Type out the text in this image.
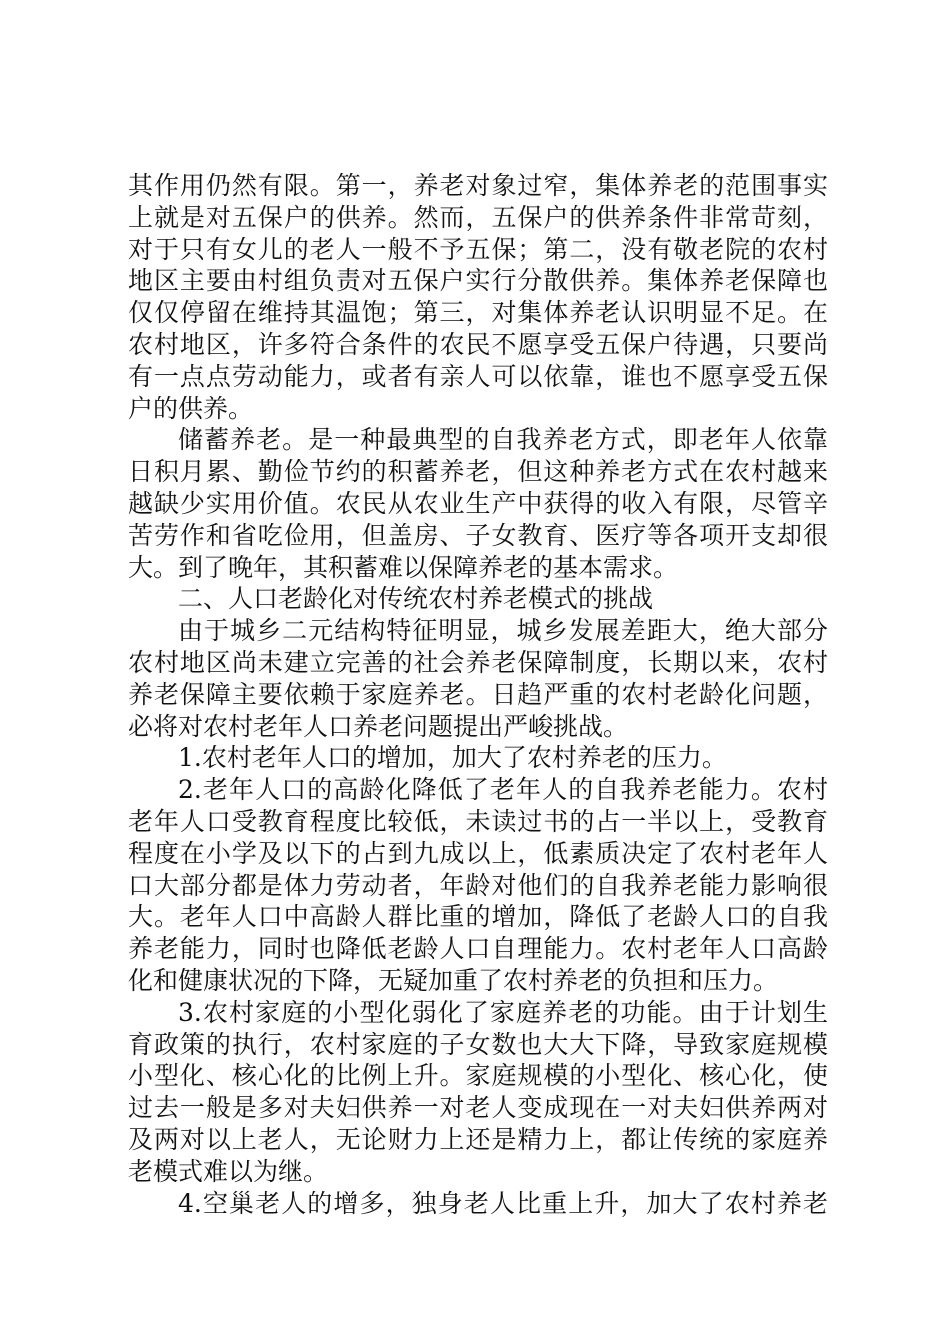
其作用仍然有限。第一，养老对象过窄，集体养老的范围事实
上就是对五保户的供养。然而，五保户的供养条件非常苛刻，
对于只有女儿的老人一般不予五保；第二，没有敬老院的农村
地区主要由村组负责对五保户实行分散供养。集体养老保障也
仅仅停留在维持其温饱；第三，对集体养老认识明显不足。在
农村地区，许多符合条件的农民不愿享受五保户待遇，只要尚
有一点点劳动能力，或者有亲人可以依靠，谁也不愿享受五保
户的供养。
储蓄养老。是一种最典型的自我养老方式，即老年人依靠
日积月累、勤俭节约的积蓄养老，但这种养老方式在农村越来
越缺少实用价值。农民从农业生产中获得的收入有限，尽管辛
苦劳作和省吃俭用，但盖房、子女教育、医疗等各项开支却很
大。到了晚年，其积蓄难以保障养老的基本需求。
二、人口老龄化对传统农村养老模式的挑战
由于城乡二元结构特征明显，城乡发展差距大，绝大部分
农村地区尚未建立完善的社会养老保障制度，长期以来，农村
养老保障主要依赖于家庭养老。日趋严重的农村老龄化问题，
必将对农村老年人口养老问题提出严峻挑战。
1.农村老年人口的增加，加大了农村养老的压力。
2.老年人口的高龄化降低了老年人的自我养老能力。农村
老年人口受教育程度比较低，未读过书的占一半以上，受教育
程度在小学及以下的占到九成以上，低素质决定了农村老年人
口大部分都是体力劳动者，年龄对他们的自我养老能力影响很
大。老年人口中高龄人群比重的增加，降低了老龄人口的自我
养老能力，同时也降低老龄人口自理能力。农村老年人口高龄
化和健康状况的下降，无疑加重了农村养老的负担和压力。
3.农村家庭的小型化弱化了家庭养老的功能。由于计划生
育政策的执行，农村家庭的子女数也大大下降，导致家庭规模
小型化、核心化的比例上升。家庭规模的小型化、核心化，使
过去一般是多对夫妇供养一对老人变成现在一对夫妇供养两对
及两对以上老人，无论财力上还是精力上，都让传统的家庭养
老模式难以为继。
4.空巢老人的增多，独身老人比重上升，加大了农村养老
